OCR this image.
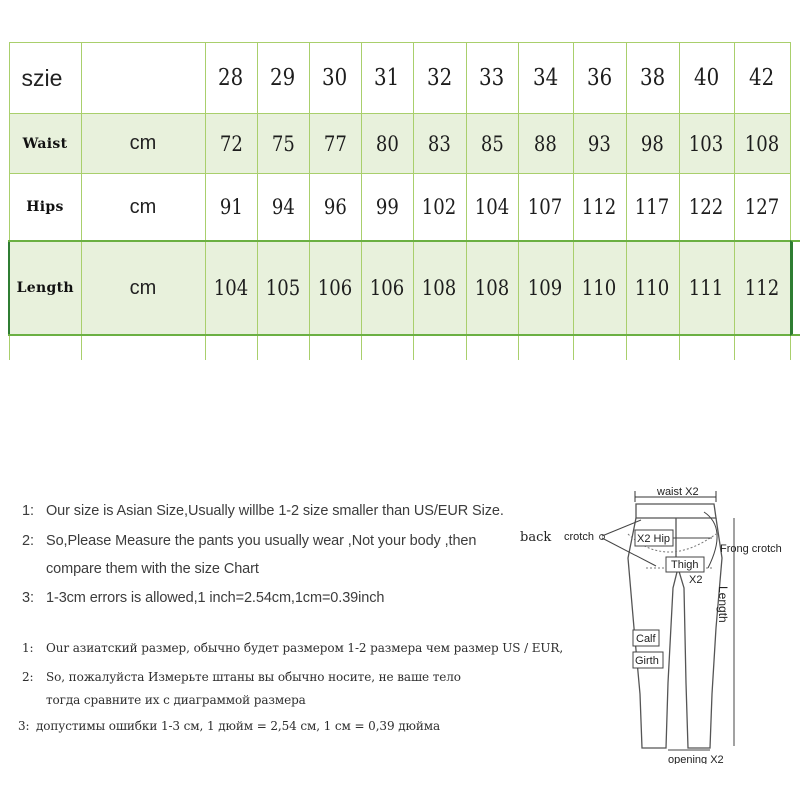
szie		28	29	30	31	32	33	34	36	38	40	42
Waist	cm	72	75	77	80	83	85	88	93	98	103	108
Hips	cm	91	94	96	99	102	104	107	112	117	122	127
Length	cm	104	105	106	106	108	108	109	110	110	111	112

1: Our size is Asian Size,Usually willbe 1-2 size smaller than US/EUR Size.
2: So,Please Measure the pants you usually wear ,Not your body ,then
compare them with the size Chart
3: 1-3cm errors is allowed,1 inch=2.54cm,1cm=0.39inch
1: Our азиатский размер, обычно будет размером 1-2 размера чем размер US / EUR,
2: So, пожалуйста Измерьте штаны вы обычно носите, не ваше тело
тогда сравните их с диаграммой размера
3: допустимы ошибки 1-3 см, 1 дюйм = 2,54 см, 1 см = 0,39 дюйма
waist X2
back crotch	X2 Hip
Frong crotch
Thigh
X2
Length
Calf
Girth
opening X2
